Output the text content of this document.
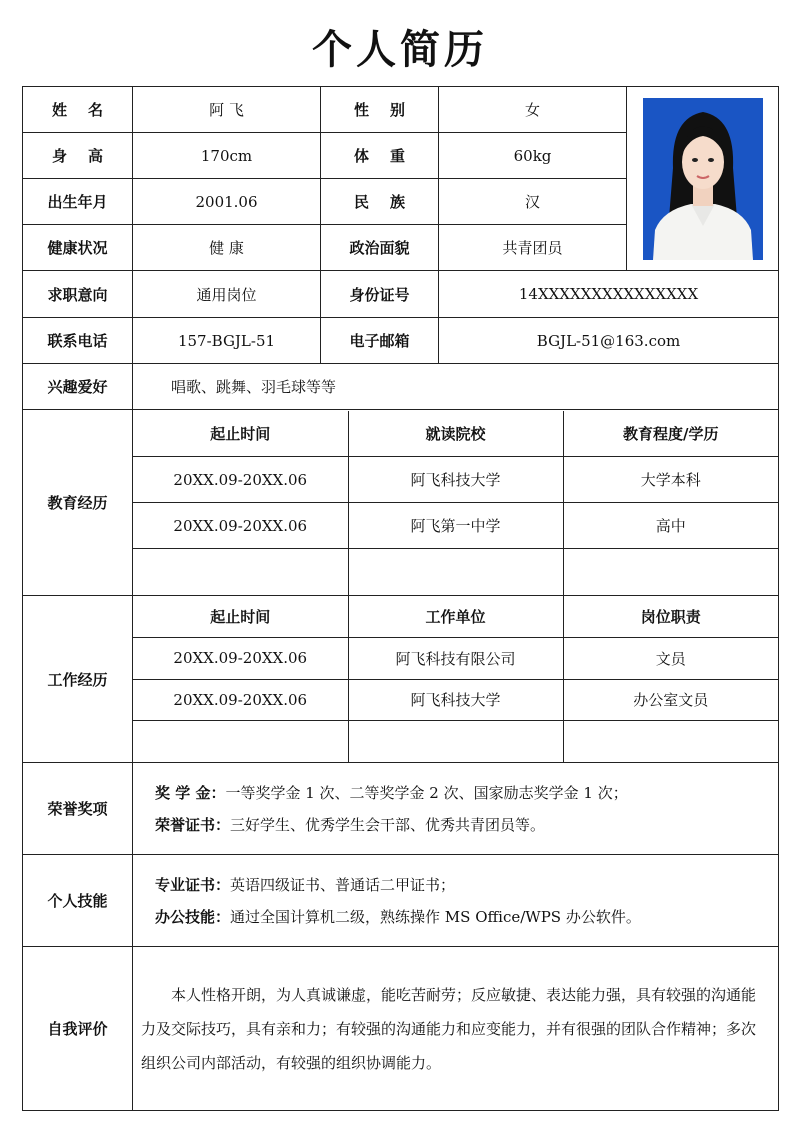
个人简历
姓名	阿 飞	性别	女	

身高	170cm	体重	60kg
出生年月	2001.06	民族	汉
健康状况	健 康	政治面貌	共青团员
求职意向	通用岗位	身份证号	14XXXXXXXXXXXXXXX
联系电话	157-BGJL-51	电子邮箱	BGJL-51@163.com
兴趣爱好	唱歌、跳舞、羽毛球等等
教育经历	
起止时间	就读院校	教育程度/学历
20XX.09-20XX.06	阿飞科技大学	大学本科
20XX.09-20XX.06	阿飞第一中学	高中

工作经历	
起止时间	工作单位	岗位职责
20XX.09-20XX.06	阿飞科技有限公司	文员
20XX.09-20XX.06	阿飞科技大学	办公室文员

荣誉奖项	
奖 学 金：一等奖学金 1 次、二等奖学金 2 次、国家励志奖学金 1 次；
荣誉证书：三好学生、优秀学生会干部、优秀共青团员等。

个人技能	
专业证书：英语四级证书、普通话二甲证书；
办公技能：通过全国计算机二级，熟练操作 MS Office/WPS 办公软件。

自我评价	本人性格开朗，为人真诚谦虚，能吃苦耐劳；反应敏捷、表达能力强，具有较强的沟通能力及交际技巧，具有亲和力；有较强的沟通能力和应变能力，并有很强的团队合作精神；多次组织公司内部活动，有较强的组织协调能力。
